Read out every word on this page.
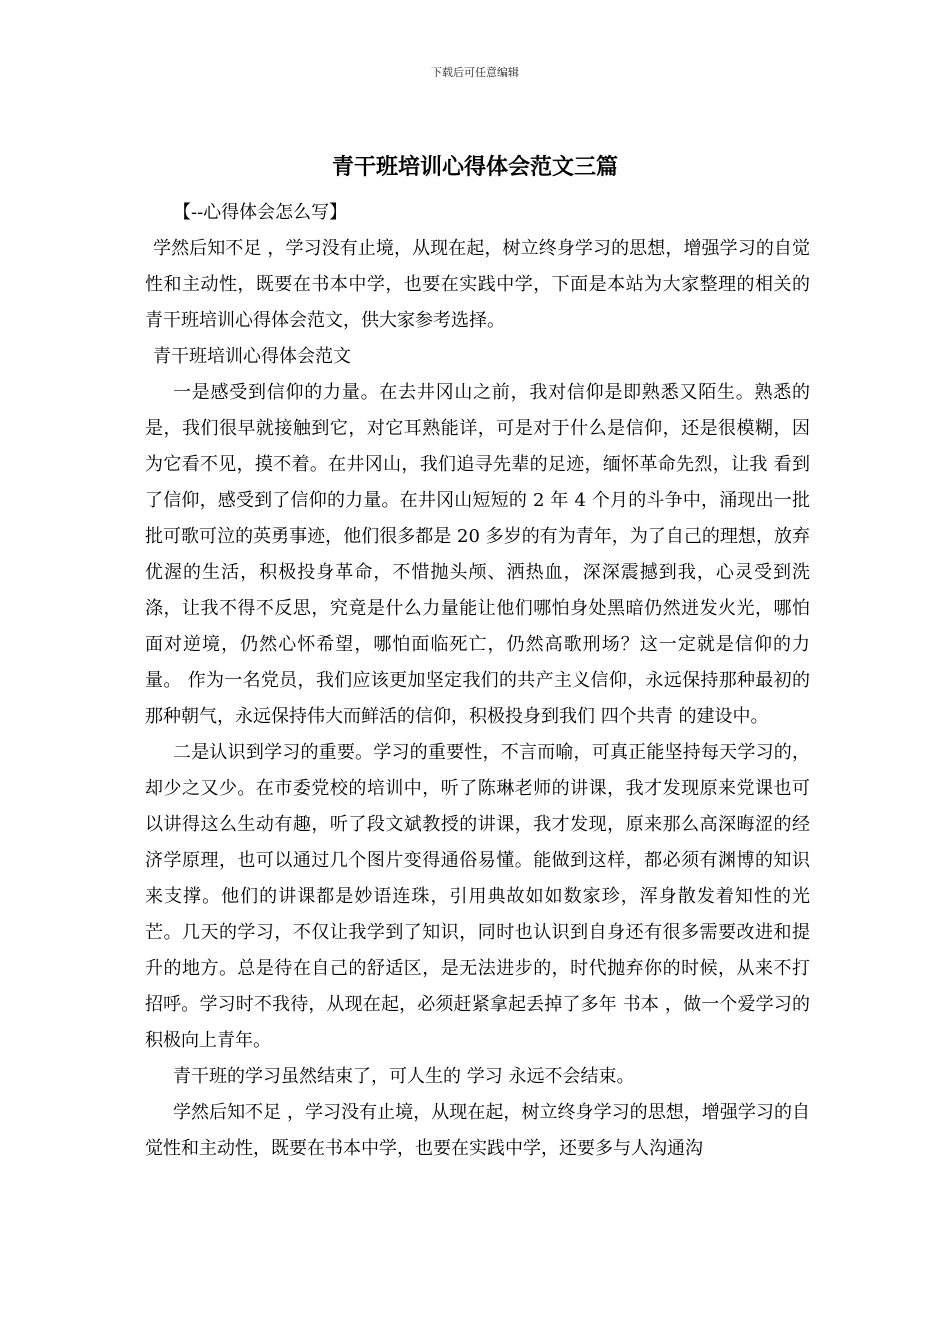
下载后可任意编辑
青干班培训心得体会范文三篇

【--心得体会怎么写】

学然后知不足 ，学习没有止境，从现在起，树立终身学习的思想，增强学习的自觉性和主动性，既要在书本中学，也要在实践中学，下面是本站为大家整理的相关的青干班培训心得体会范文，供大家参考选择。

青干班培训心得体会范文

一是感受到信仰的力量。在去井冈山之前，我对信仰是即熟悉又陌生。熟悉的是，我们很早就接触到它，对它耳熟能详，可是对于什么是信仰，还是很模糊，因为它看不见，摸不着。在井冈山，我们追寻先辈的足迹，缅怀革命先烈，让我 看到 了信仰，感受到了信仰的力量。在井冈山短短的 2 年 4 个月的斗争中，涌现出一批批可歌可泣的英勇事迹，他们很多都是 20 多岁的有为青年，为了自己的理想，放弃优渥的生活，积极投身革命，不惜抛头颅、洒热血，深深震撼到我，心灵受到洗涤，让我不得不反思，究竟是什么力量能让他们哪怕身处黑暗仍然迸发火光，哪怕面对逆境，仍然心怀希望，哪怕面临死亡，仍然高歌刑场？这一定就是信仰的力量。 作为一名党员，我们应该更加坚定我们的共产主义信仰，永远保持那种最初的那种朝气，永远保持伟大而鲜活的信仰，积极投身到我们 四个共青 的建设中。

二是认识到学习的重要。学习的重要性，不言而喻，可真正能坚持每天学习的，却少之又少。在市委党校的培训中，听了陈琳老师的讲课，我才发现原来党课也可以讲得这么生动有趣，听了段文斌教授的讲课，我才发现，原来那么高深晦涩的经济学原理，也可以通过几个图片变得通俗易懂。能做到这样，都必须有渊博的知识来支撑。他们的讲课都是妙语连珠，引用典故如如数家珍，浑身散发着知性的光芒。几天的学习，不仅让我学到了知识，同时也认识到自身还有很多需要改进和提升的地方。总是待在自己的舒适区，是无法进步的，时代抛弃你的时候，从来不打招呼。学习时不我待，从现在起，必须赶紧拿起丢掉了多年 书本 ，做一个爱学习的积极向上青年。

青干班的学习虽然结束了，可人生的 学习 永远不会结束。

学然后知不足 ，学习没有止境，从现在起，树立终身学习的思想，增强学习的自觉性和主动性，既要在书本中学，也要在实践中学，还要多与人沟通沟
